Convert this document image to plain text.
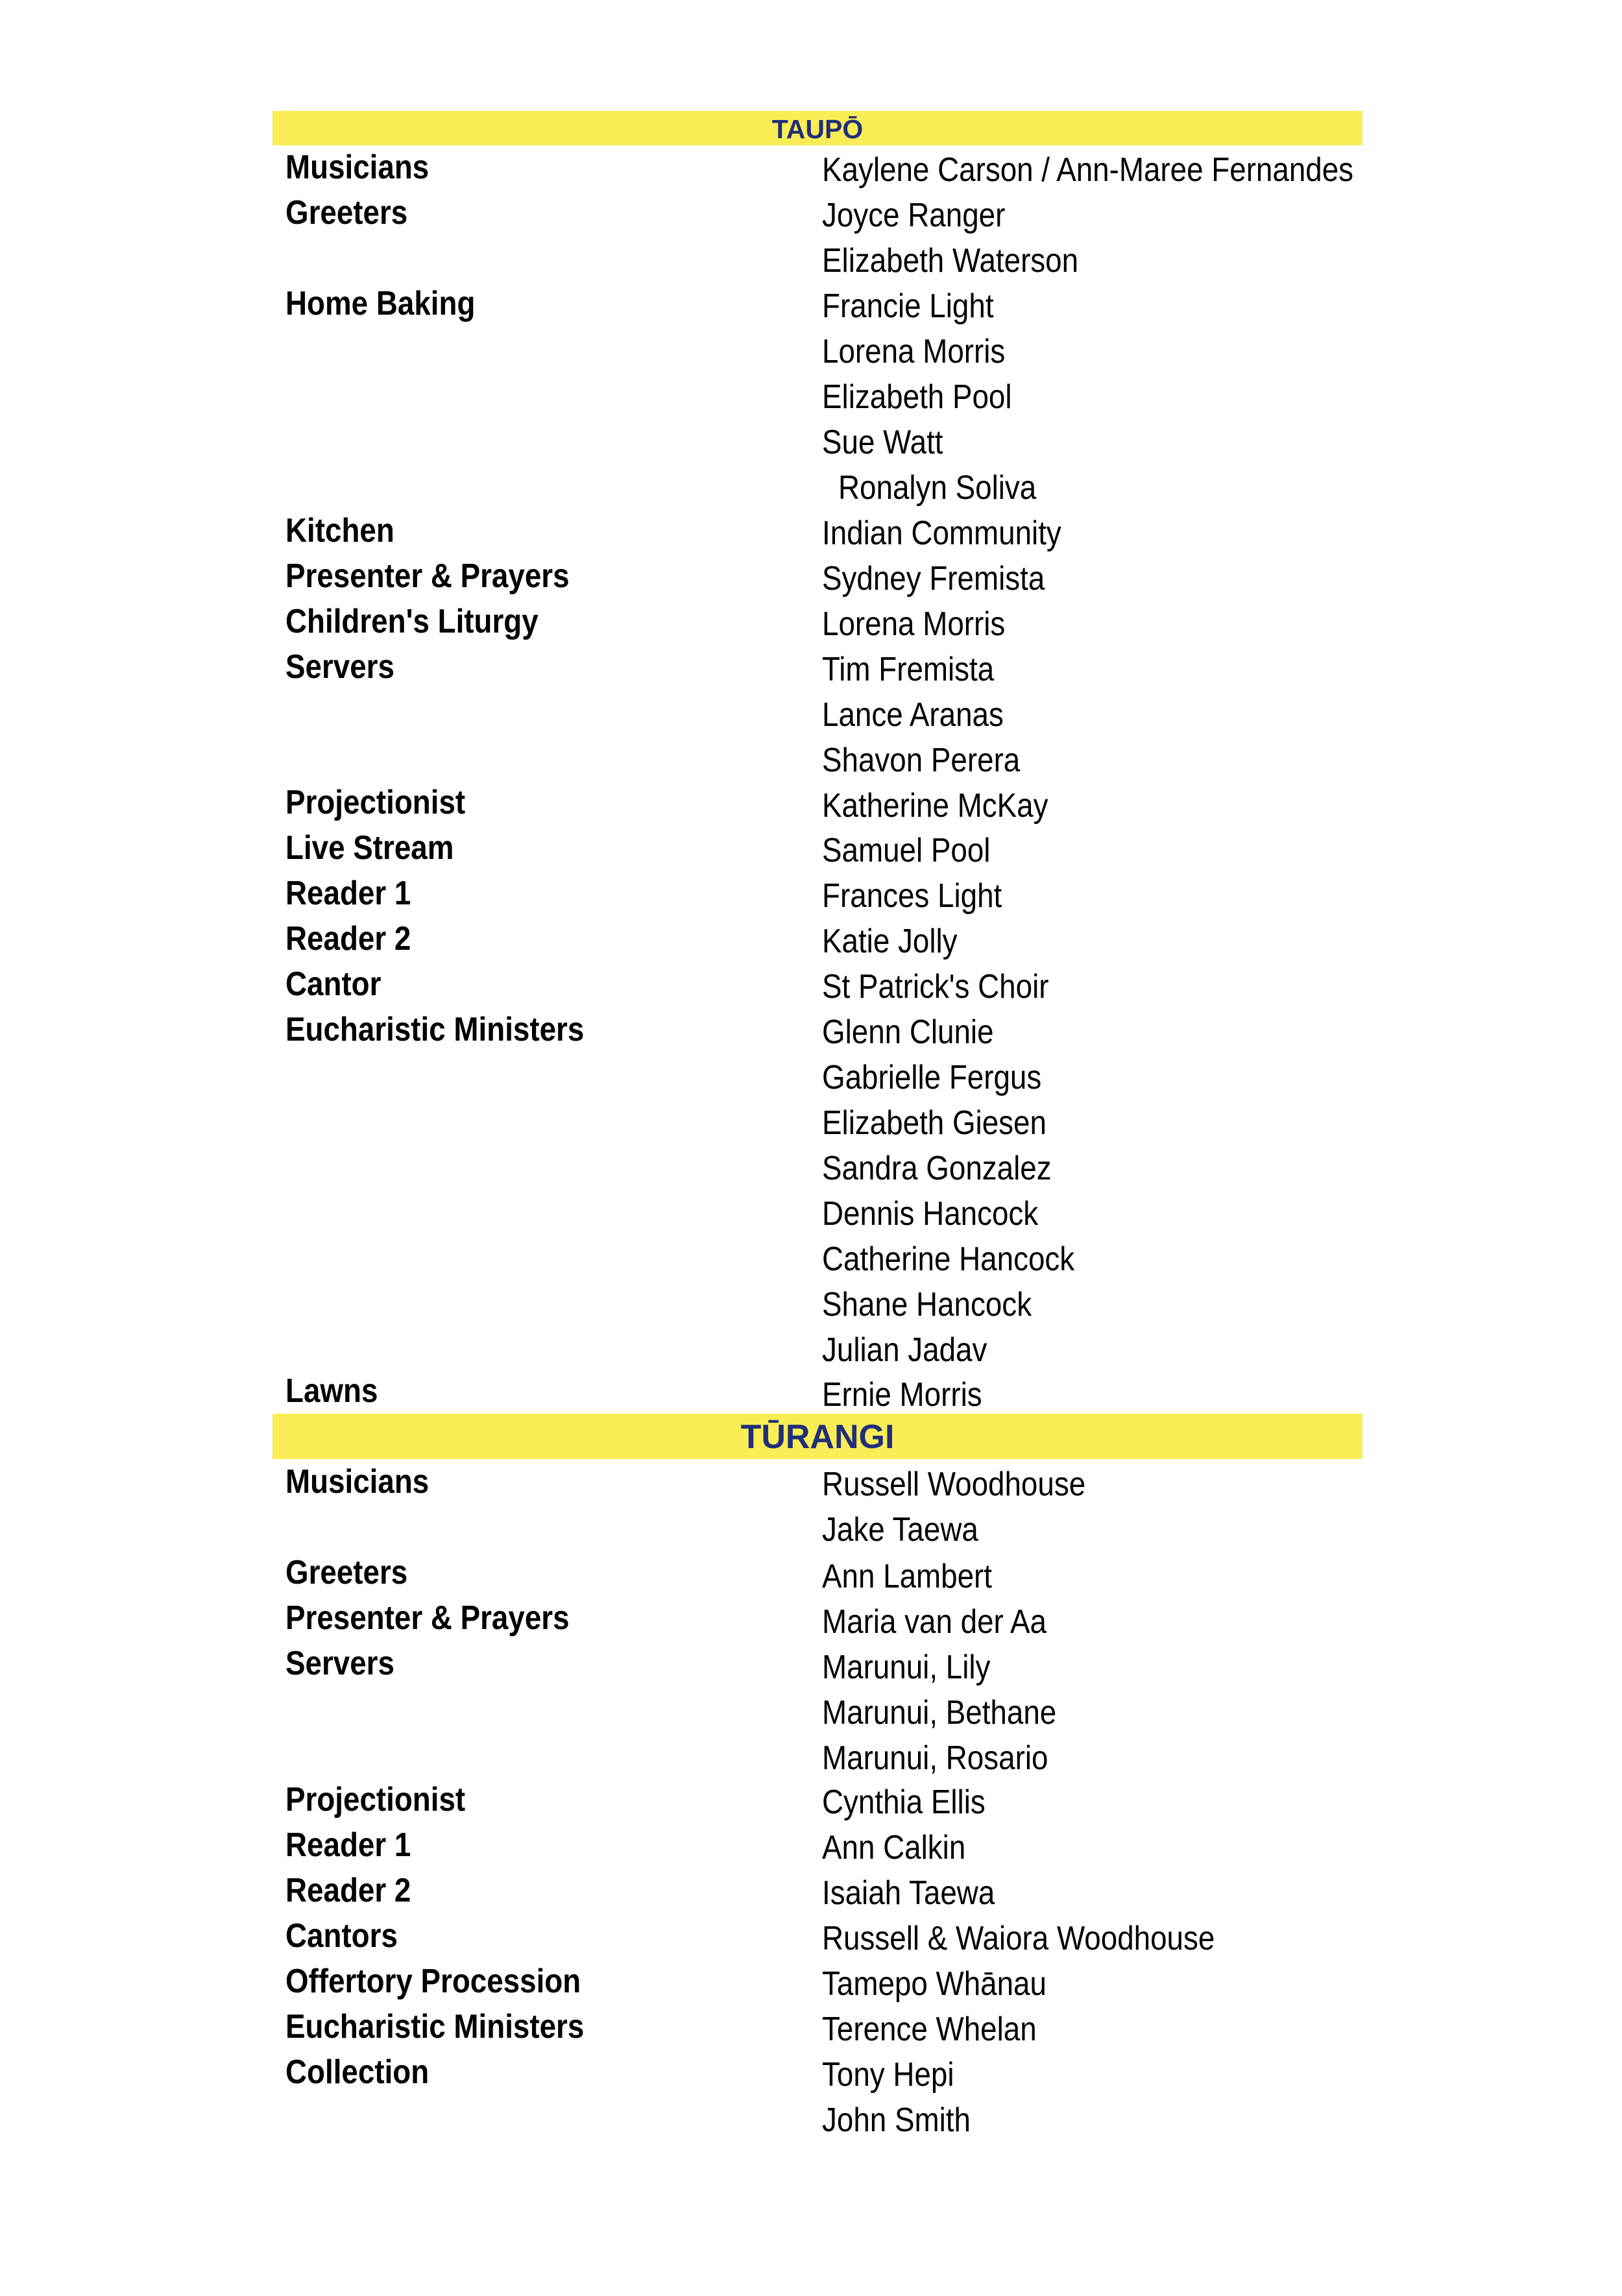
TAUPŌ
Musicians
Greeters
Home Baking
Kitchen
Presenter & Prayers
Children's Liturgy
Servers
Projectionist
Live Stream
Reader 1
Reader 2
Cantor
Eucharistic Ministers
Lawns
Kaylene Carson / Ann-Maree Fernandes
Joyce Ranger
Elizabeth Waterson
Francie Light
Lorena Morris
Elizabeth Pool
Sue Watt
Ronalyn Soliva
Indian Community
Sydney Fremista
Lorena Morris
Tim Fremista
Lance Aranas
Shavon Perera
Katherine McKay
Samuel Pool
Frances Light
Katie Jolly
St Patrick's Choir
Glenn Clunie
Gabrielle Fergus
Elizabeth Giesen
Sandra Gonzalez
Dennis Hancock
Catherine Hancock
Shane Hancock
Julian Jadav
Ernie Morris
TŪRANGI
Musicians
Greeters
Presenter & Prayers
Servers
Projectionist
Reader 1
Reader 2
Cantors
Offertory Procession
Eucharistic Ministers
Collection
Russell Woodhouse
Jake Taewa
Ann Lambert
Maria van der Aa
Marunui, Lily
Marunui, Bethane
Marunui, Rosario
Cynthia Ellis
Ann Calkin
Isaiah Taewa
Russell & Waiora Woodhouse
Tamepo Whānau
Terence Whelan
Tony Hepi
John Smith
